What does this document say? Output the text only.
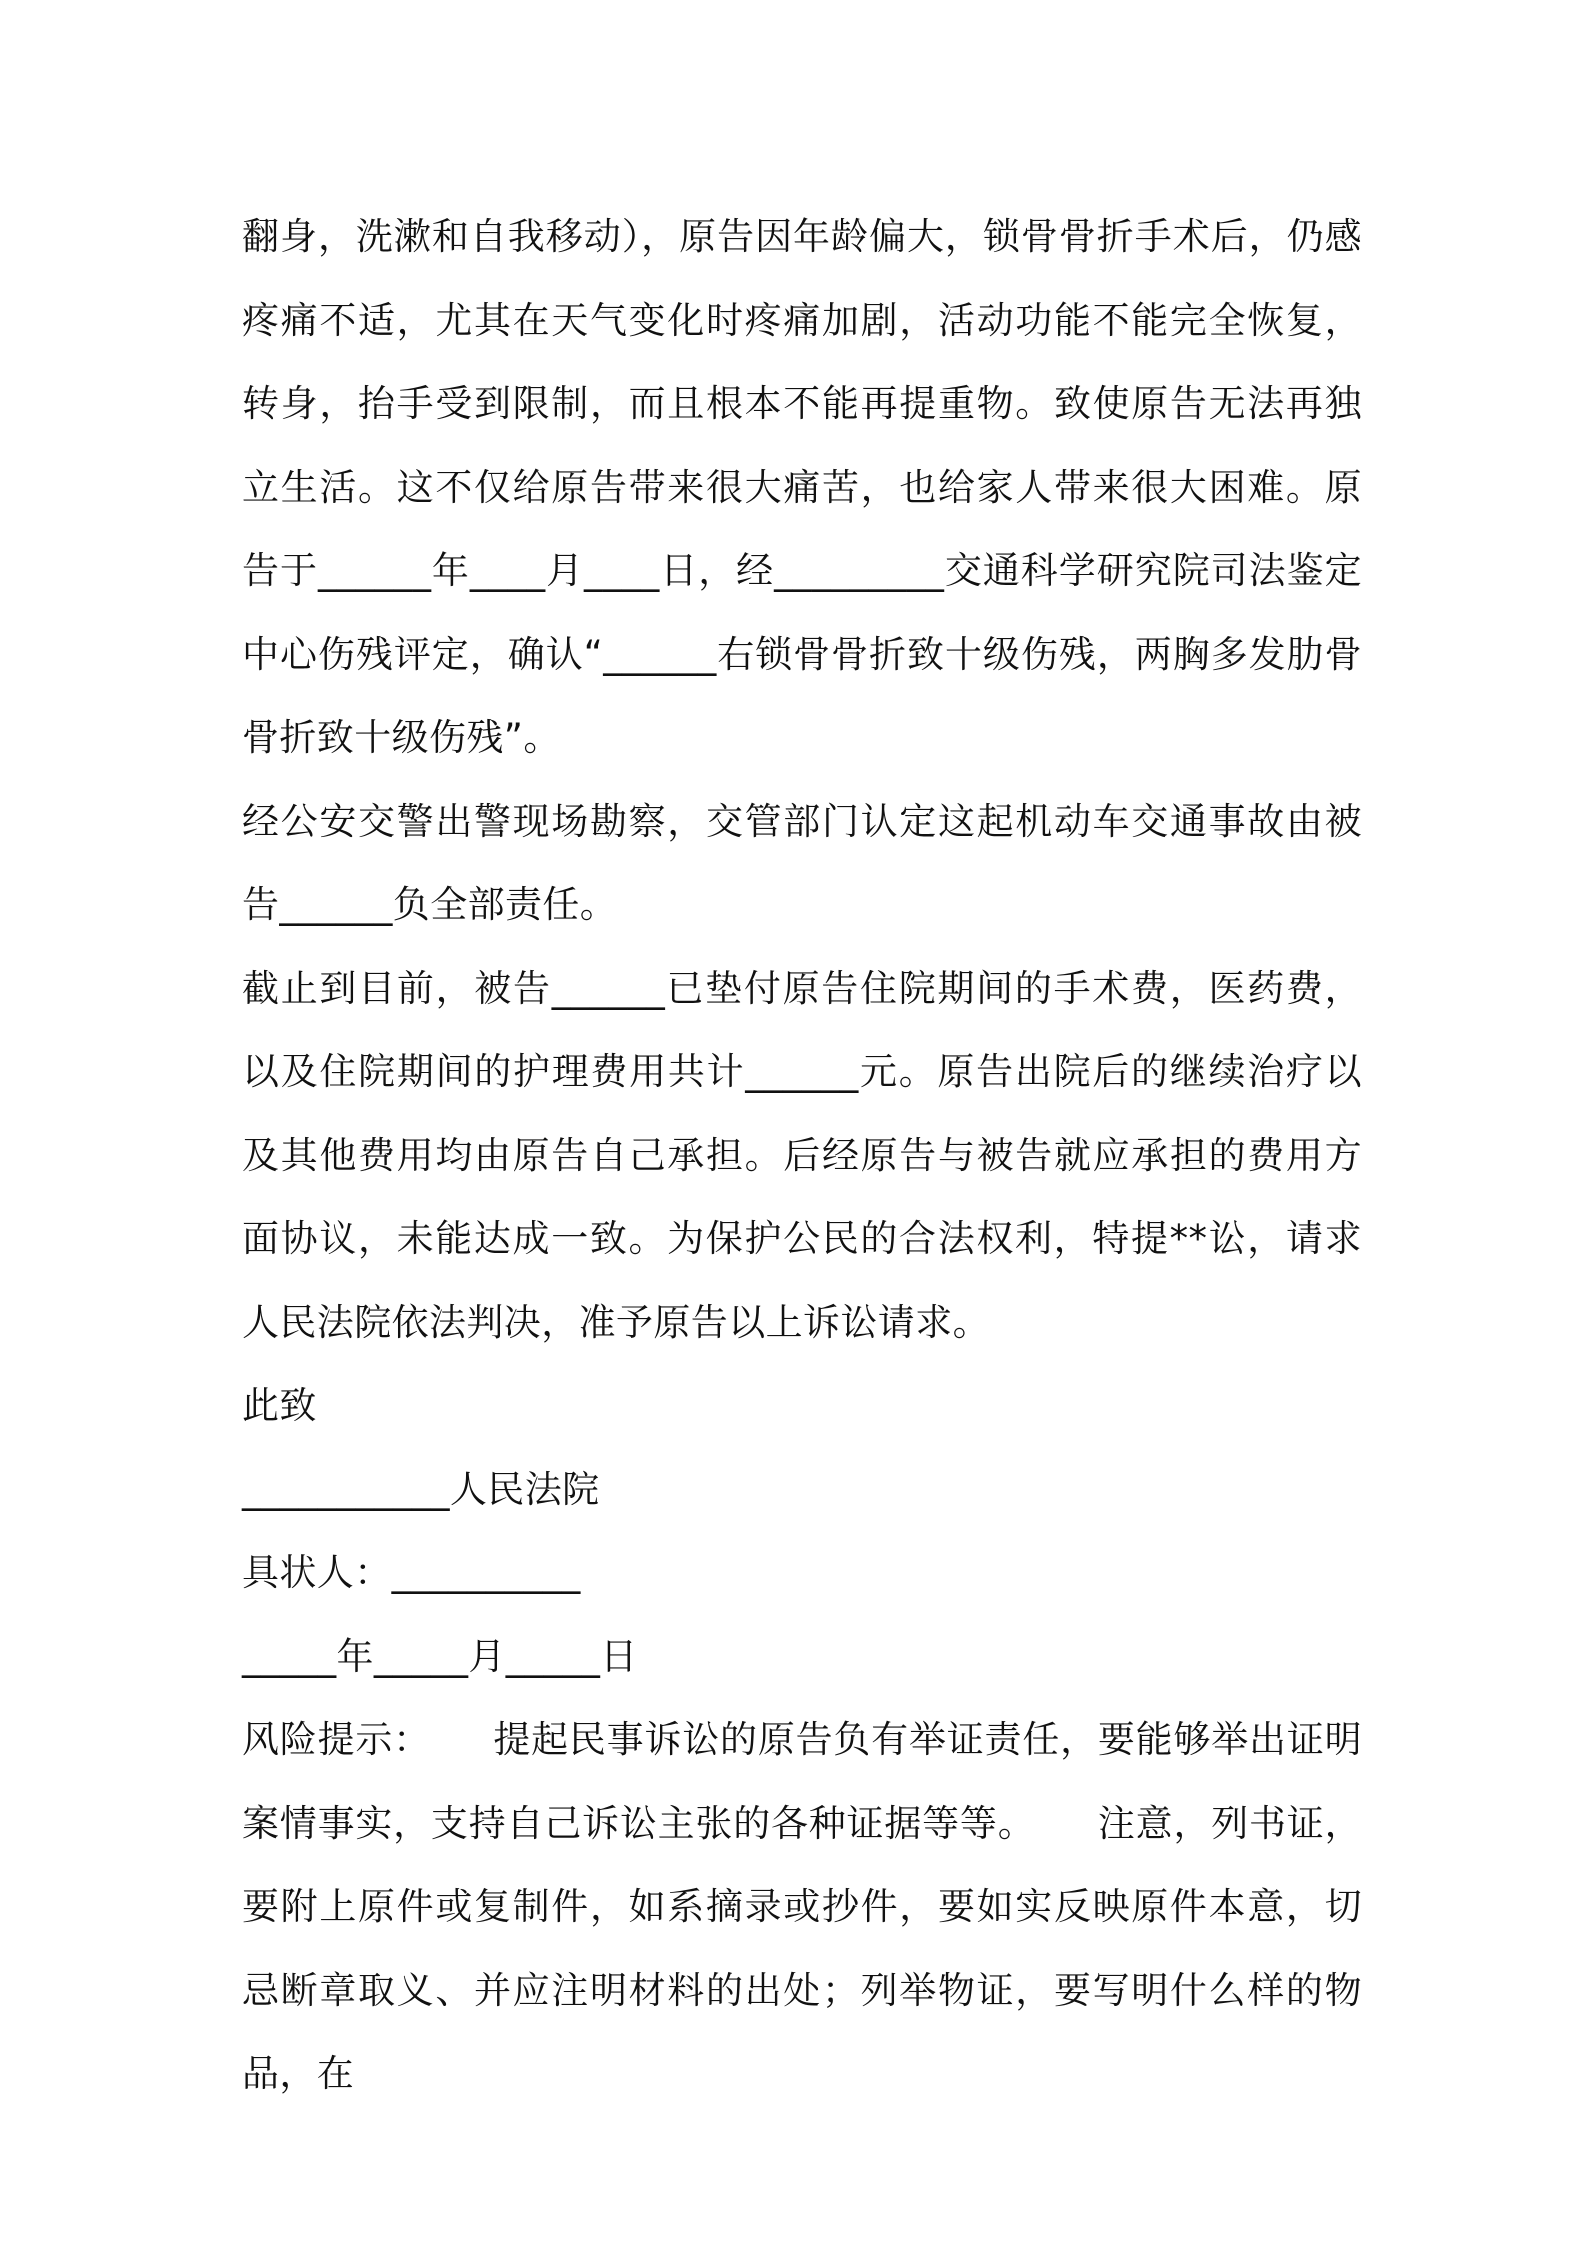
翻身，洗漱和自我移动），原告因年龄偏大，锁骨骨折手术后，仍感疼痛不适，尤其在天气变化时疼痛加剧，活动功能不能完全恢复，转身，抬手受到限制，而且根本不能再提重物。致使原告无法再独立生活。这不仅给原告带来很大痛苦，也给家人带来很大困难。原告于______年____月____日，经_________交通科学研究院司法鉴定中心伤残评定，确认“______右锁骨骨折致十级伤残，两胸多发肋骨骨折致十级伤残”。

经公安交警出警现场勘察，交管部门认定这起机动车交通事故由被告______负全部责任。

截止到目前，被告______已垫付原告住院期间的手术费，医药费，以及住院期间的护理费用共计______元。原告出院后的继续治疗以及其他费用均由原告自己承担。后经原告与被告就应承担的费用方面协议，未能达成一致。为保护公民的合法权利，特提**讼，请求人民法院依法判决，准予原告以上诉讼请求。

此致

___________人民法院

具状人：__________

_____年_____月_____日

风险提示： 提起民事诉讼的原告负有举证责任，要能够举出证明案情事实，支持自己诉讼主张的各种证据等等。 注意，列书证，要附上原件或复制件，如系摘录或抄件，要如实反映原件本意，切忌断章取义、并应注明材料的出处；列举物证，要写明什么样的物品，在
